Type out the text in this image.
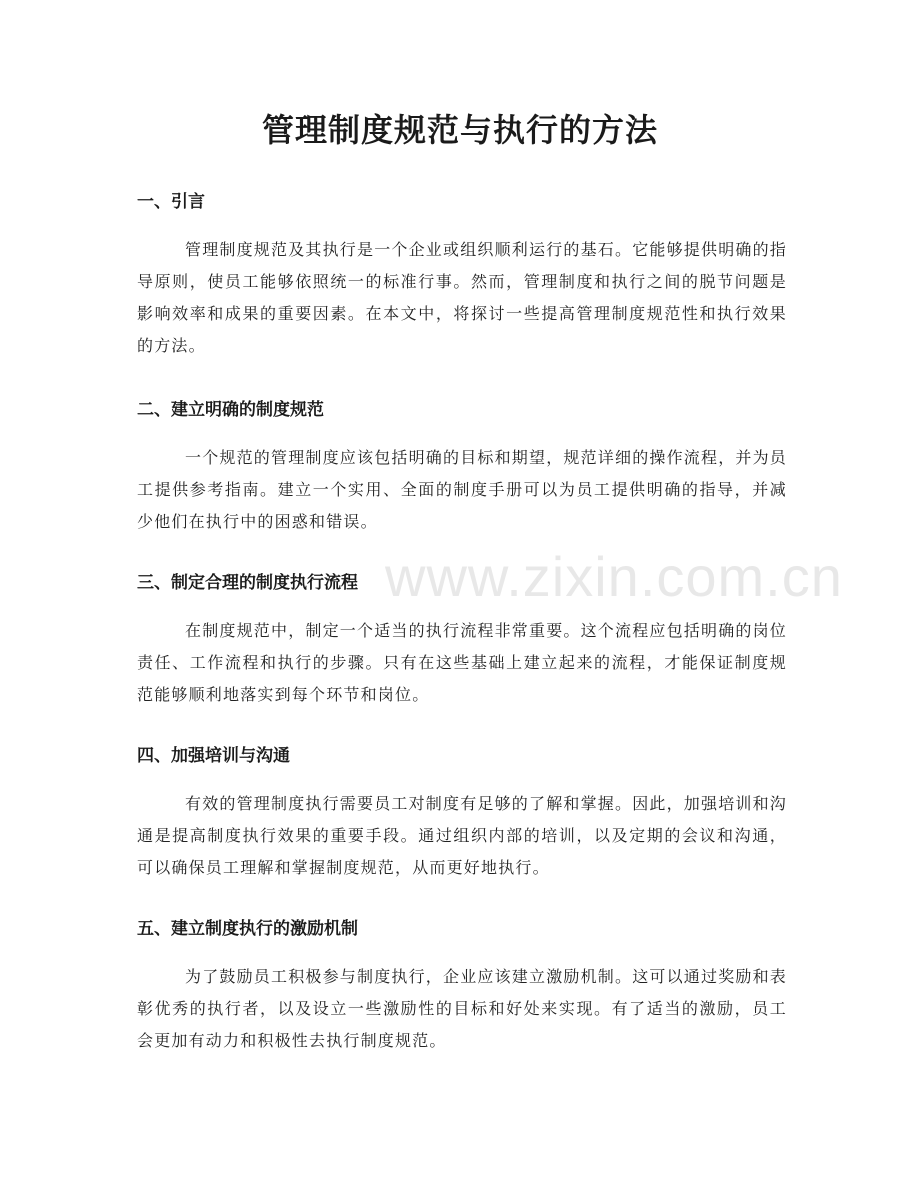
www.zixin.com.cn
管理制度规范与执行的方法
一、引言

管理制度规范及其执行是一个企业或组织顺利运行的基石。它能够提供明确的指导原则，使员工能够依照统一的标准行事。然而，管理制度和执行之间的脱节问题是影响效率和成果的重要因素。在本文中，将探讨一些提高管理制度规范性和执行效果的方法。

二、建立明确的制度规范

一个规范的管理制度应该包括明确的目标和期望，规范详细的操作流程，并为员工提供参考指南。建立一个实用、全面的制度手册可以为员工提供明确的指导，并减少他们在执行中的困惑和错误。

三、制定合理的制度执行流程

在制度规范中，制定一个适当的执行流程非常重要。这个流程应包括明确的岗位责任、工作流程和执行的步骤。只有在这些基础上建立起来的流程，才能保证制度规范能够顺利地落实到每个环节和岗位。

四、加强培训与沟通

有效的管理制度执行需要员工对制度有足够的了解和掌握。因此，加强培训和沟通是提高制度执行效果的重要手段。通过组织内部的培训，以及定期的会议和沟通，可以确保员工理解和掌握制度规范，从而更好地执行。

五、建立制度执行的激励机制

为了鼓励员工积极参与制度执行，企业应该建立激励机制。这可以通过奖励和表彰优秀的执行者，以及设立一些激励性的目标和好处来实现。有了适当的激励，员工会更加有动力和积极性去执行制度规范。
